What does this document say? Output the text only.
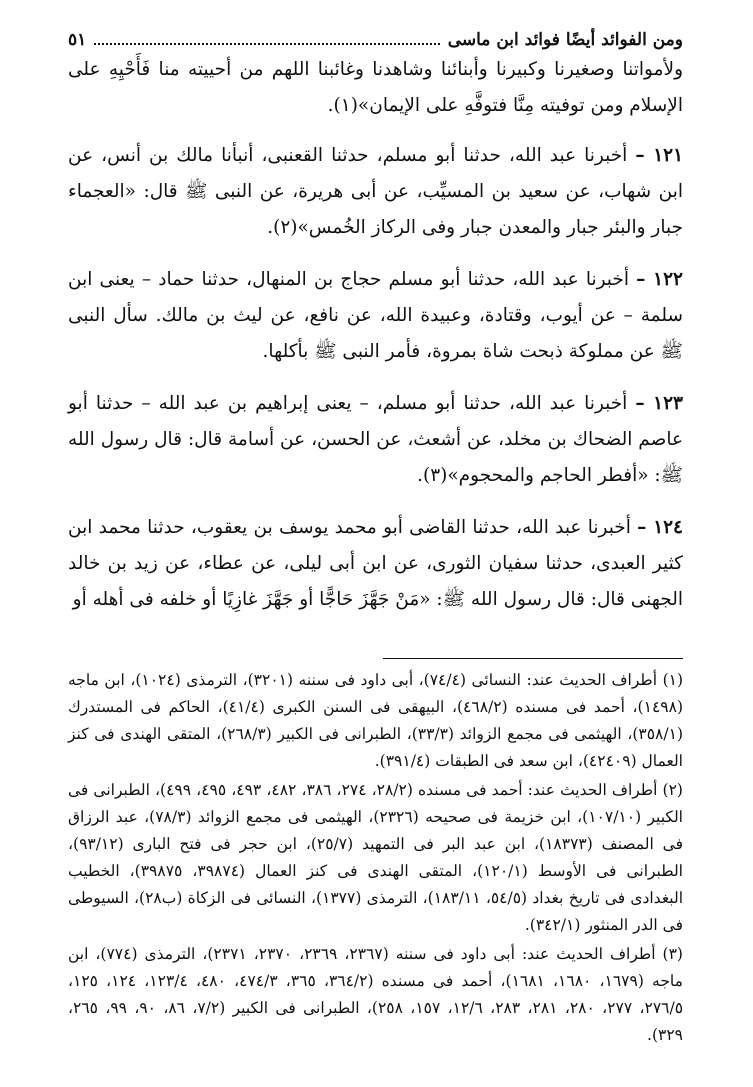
ومن الفوائد أيضًا فوائد ابن ماسى
٥١

ولأمواتنا وصغيرنا وكبيرنا وأبنائنا وشاهدنا وغائبنا اللهم من أحييته منا فَأَحْيِهِ على الإسلام ومن توفيته مِنَّا فتوفَّهِ على الإيمان»(١).

١٢١ – أخبرنا عبد الله، حدثنا أبو مسلم، حدثنا القعنبى، أنبأنا مالك بن أنس، عن ابن شهاب، عن سعيد بن المسيِّب، عن أبى هريرة، عن النبى ﷺ قال: «العجماء جبار والبئر جبار والمعدن جبار وفى الركاز الخُمس»(٢).

١٢٢ – أخبرنا عبد الله، حدثنا أبو مسلم حجاج بن المنهال، حدثنا حماد – يعنى ابن سلمة – عن أيوب، وقتادة، وعبيدة الله، عن نافع، عن ليث بن مالك. سأل النبى ﷺ عن مملوكة ذبحت شاة بمروة، فأمر النبى ﷺ بأكلها.

١٢٣ – أخبرنا عبد الله، حدثنا أبو مسلم، – يعنى إبراهيم بن عبد الله – حدثنا أبو عاصم الضحاك بن مخلد، عن أشعث، عن الحسن، عن أسامة قال: قال رسول الله ﷺ: «أفطر الحاجم والمحجوم»(٣).

١٢٤ – أخبرنا عبد الله، حدثنا القاضى أبو محمد يوسف بن يعقوب، حدثنا محمد ابن كثير العبدى، حدثنا سفيان الثورى، عن ابن أبى ليلى، عن عطاء، عن زيد بن خالد الجهنى قال: قال رسول الله ﷺ: «مَنْ جَهَّزَ حَاجًّا أو جَهَّزَ غازِيًا أو خلفه فى أهله أو

(١) أطراف الحديث عند: النسائى (٧٤/٤)، أبى داود فى سننه (٣٢٠١)، الترمذى (١٠٢٤)، ابن ماجه (١٤٩٨)، أحمد فى مسنده (٤٦٨/٢)، البيهقى فى السنن الكبرى (٤١/٤)، الحاكم فى المستدرك (٣٥٨/١)، الهيثمى فى مجمع الزوائد (٣٣/٣)، الطبرانى فى الكبير (٢٦٨/٣)، المتقى الهندى فى كنز العمال (٤٢٤٠٩)، ابن سعد فى الطبقات (٣٩١/٤).

(٢) أطراف الحديث عند: أحمد فى مسنده (٢٨/٢، ٢٧٤، ٣٨٦، ٤٨٢، ٤٩٣، ٤٩٥، ٤٩٩)، الطبرانى فى الكبير (١٠٧/١٠)، ابن خزيمة فى صحيحه (٢٣٢٦)، الهيثمى فى مجمع الزوائد (٧٨/٣)، عبد الرزاق فى المصنف (١٨٣٧٣)، ابن عبد البر فى التمهيد (٢٥/٧)، ابن حجر فى فتح البارى (٩٣/١٢)، الطبرانى فى الأوسط (١٢٠/١)، المتقى الهندى فى كنز العمال (٣٩٨٧٤، ٣٩٨٧٥)، الخطيب البغدادى فى تاريخ بغداد (٥٤/٥، ١٨٣/١١)، الترمذى (١٣٧٧)، النسائى فى الزكاة (ب٢٨)، السيوطى فى الدر المنثور (٣٤٢/١).

(٣) أطراف الحديث عند: أبى داود فى سننه (٢٣٦٧، ٢٣٦٩، ٢٣٧٠، ٢٣٧١)، الترمذى (٧٧٤)، ابن ماجه (١٦٧٩، ١٦٨٠، ١٦٨١)، أحمد فى مسنده (٣٦٤/٢، ٣٦٥، ٤٧٤/٣، ٤٨٠، ١٢٣/٤، ١٢٤، ١٢٥، ٢٧٦/٥، ٢٧٧، ٢٨٠، ٢٨١، ٢٨٣، ١٢/٦، ١٥٧، ٢٥٨)، الطبرانى فى الكبير (٧/٢، ٨٦، ٩٠، ٩٩، ٢٦٥، ٣٢٩).
